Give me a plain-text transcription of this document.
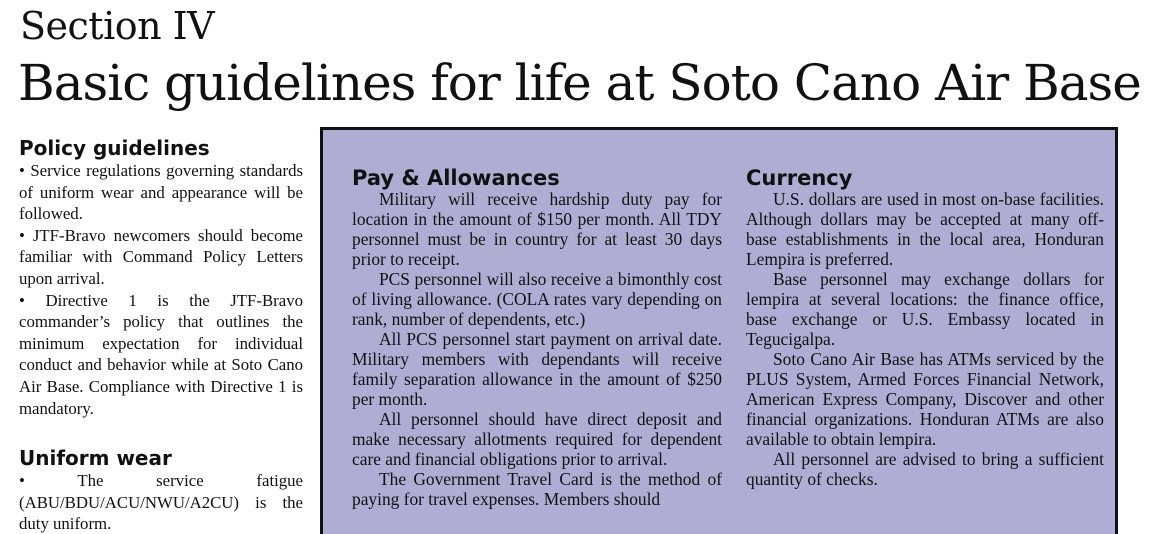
Section IV
Basic guidelines for life at Soto Cano Air Base
Policy guidelines
• Service regulations governing standards of uniform wear and appearance will be followed.
• JTF-Bravo newcomers should become familiar with Command Policy Letters upon arrival.
• Directive 1 is the JTF-Bravo commander’s policy that outlines the minimum expectation for individual conduct and behavior while at Soto Cano Air Base. Compliance with Directive 1 is mandatory.
Uniform wear
• The service fatigue (ABU/BDU/ACU/NWU/A2CU) is the duty uniform.
Pay & Allowances

Military will receive hardship duty pay for location in the amount of $150 per month. All TDY personnel must be in country for at least 30 days prior to receipt.

PCS personnel will also receive a bimonthly cost of living allowance. (COLA rates vary depending on rank, number of dependents, etc.)

All PCS personnel start payment on arrival date. Military members with dependants will receive family separation allowance in the amount of $250 per month.

All personnel should have direct deposit and make necessary allotments required for dependent care and financial obligations prior to arrival.

The Government Travel Card is the method of paying for travel expenses. Members should

Currency

U.S. dollars are used in most on-base facilities. Although dollars may be accepted at many off-base establishments in the local area, Honduran Lempira is preferred.

Base personnel may exchange dollars for lempira at several locations: the finance office, base exchange or U.S. Embassy located in Tegucigalpa.

Soto Cano Air Base has ATMs serviced by the PLUS System, Armed Forces Financial Network, American Express Company, Discover and other financial organizations. Honduran ATMs are also available to obtain lempira.

All personnel are advised to bring a sufficient quantity of checks.
